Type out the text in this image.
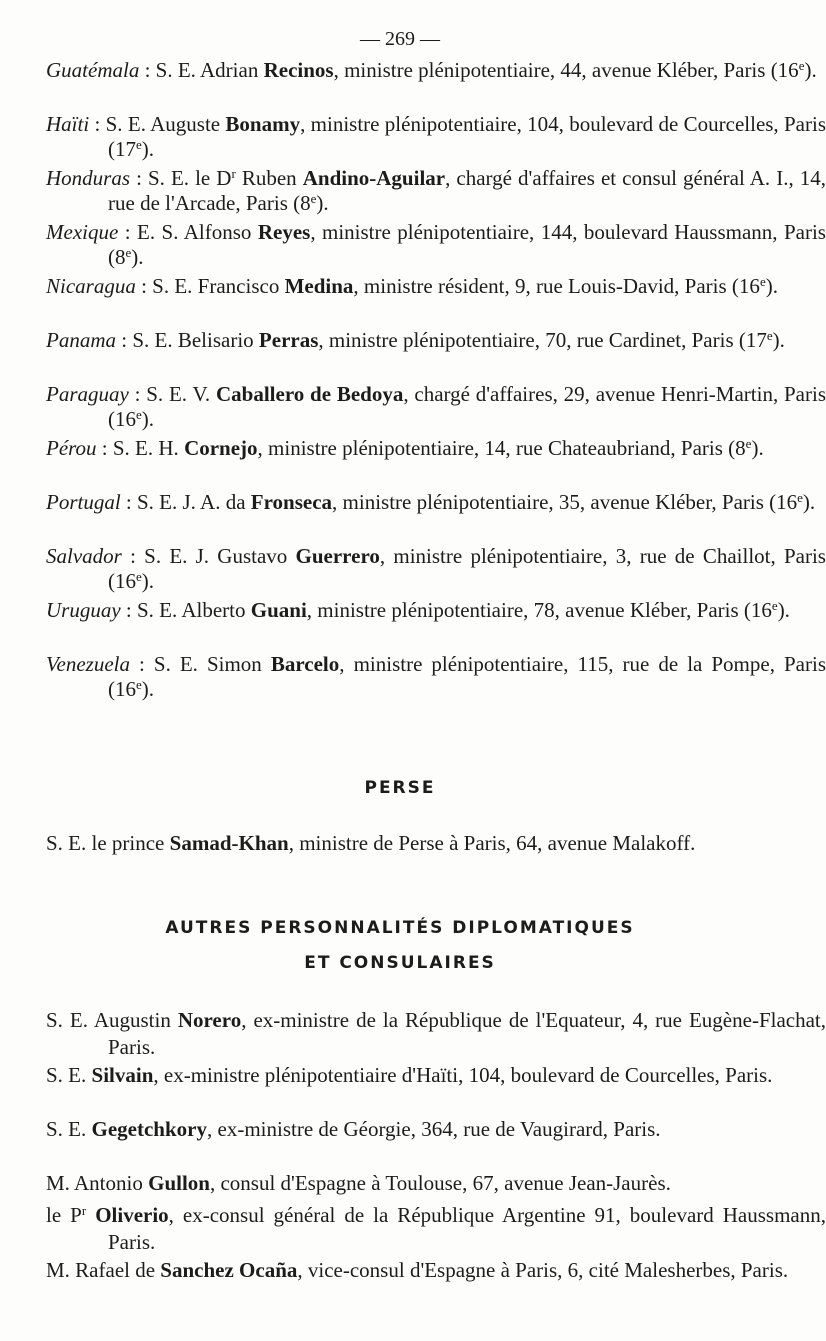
— 269 —

Guatémala : S. E. Adrian Recinos, ministre plénipotentiaire, 44, avenue Kléber, Paris (16e).

Haïti : S. E. Auguste Bonamy, ministre plénipotentiaire, 104, boulevard de Courcelles, Paris (17e).

Honduras : S. E. le $D^r$ Ruben Andino-Aguilar, chargé d'affaires et consul général A. I., 14, rue de l'Arcade, Paris (8e).

Mexique : E. S. Alfonso Reyes, ministre plénipotentiaire, 144, boulevard Haussmann, Paris (8e).

Nicaragua : S. E. Francisco Medina, ministre résident, 9, rue Louis-David, Paris (16e).

Panama : S. E. Belisario Perras, ministre plénipotentiaire, 70, rue Cardinet, Paris (17e).

Paraguay : S. E. V. Caballero de Bedoya, chargé d'affaires, 29, avenue Henri-Martin, Paris (16e).

Pérou : S. E. H. Cornejo, ministre plénipotentiaire, 14, rue Chateaubriand, Paris (8e).

Portugal : S. E. J. A. da Fronseca, ministre plénipotentiaire, 35, avenue Kléber, Paris (16e).

Salvador : S. E. J. Gustavo Guerrero, ministre plénipotentiaire, 3, rue de Chaillot, Paris (16e).

Uruguay : S. E. Alberto Guani, ministre plénipotentiaire, 78, avenue Kléber, Paris (16e).

Venezuela : S. E. Simon Barcelo, ministre plénipotentiaire, 115, rue de la Pompe, Paris (16e).

PERSE

S. E. le prince Samad-Khan, ministre de Perse à Paris, 64, avenue Malakoff.

AUTRES PERSONNALITÉS DIPLOMATIQUES
ET CONSULAIRES

S. E. Augustin Norero, ex-ministre de la République de l'Equateur, 4, rue Eugène-Flachat, Paris.

S. E. Silvain, ex-ministre plénipotentiaire d'Haïti, 104, boulevard de Courcelles, Paris.

S. E. Gegetchkory, ex-ministre de Géorgie, 364, rue de Vaugirard, Paris.

M. Antonio Gullon, consul d'Espagne à Toulouse, 67, avenue Jean-Jaurès.

le $P^r$ Oliverio, ex-consul général de la République Argentine 91, boulevard Haussmann, Paris.

M. Rafael de Sanchez Ocaña, vice-consul d'Espagne à Paris, 6, cité Malesherbes, Paris.
